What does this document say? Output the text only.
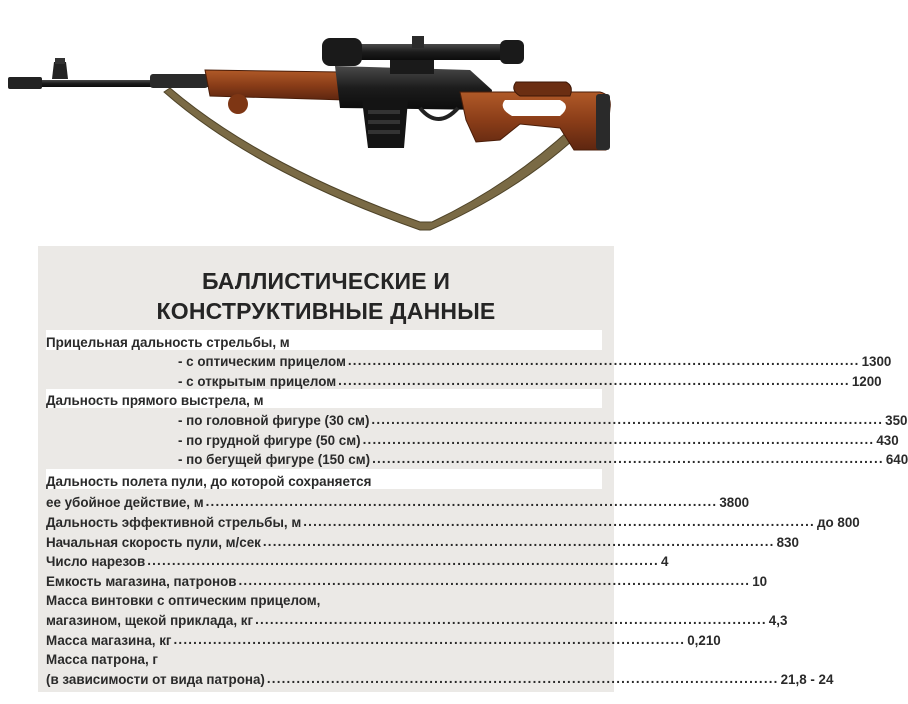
БАЛЛИСТИЧЕСКИЕ И
КОНСТРУКТИВНЫЕ ДАННЫЕ
Прицельная дальность стрельбы, м
- с оптическим прицелом ........................................................................................................ 1300
- с открытым прицелом ........................................................................................................ 1200
Дальность прямого выстрела, м
- по головной фигуре (30 см) ........................................................................................................ 350
- по грудной фигуре (50 см) ........................................................................................................ 430
- по бегущей фигуре (150 см) ........................................................................................................ 640
Дальность полета пули, до которой сохраняется
ее убойное действие, м ........................................................................................................ 3800
Дальность эффективной стрельбы, м ........................................................................................................ до 800
Начальная скорость пули, м/сек ........................................................................................................ 830
Число нарезов ........................................................................................................ 4
Емкость магазина, патронов ........................................................................................................ 10
Масса винтовки с оптическим прицелом,
магазином, щекой приклада, кг ........................................................................................................ 4,3
Масса магазина, кг ........................................................................................................ 0,210
Масса патрона, г
(в зависимости от вида патрона) ........................................................................................................ 21,8 - 24
